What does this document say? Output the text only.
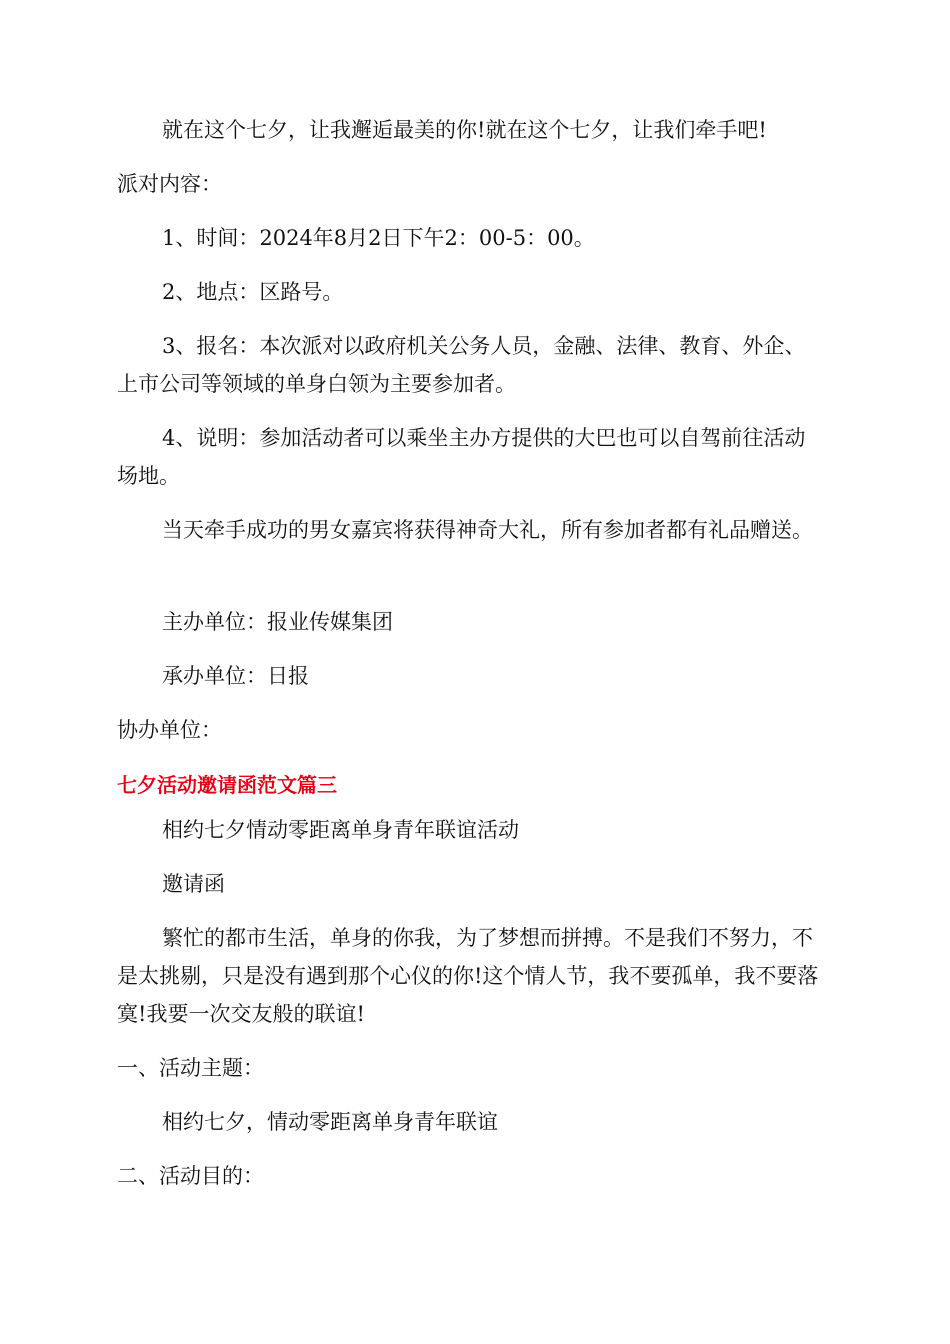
就在这个七夕，让我邂逅最美的你!就在这个七夕，让我们牵手吧!

派对内容：

1、时间：2024年8月2日下午2：00-5：00。

2、地点：区路号。

3、报名：本次派对以政府机关公务人员，金融、法律、教育、外企、上市公司等领域的单身白领为主要参加者。

4、说明：参加活动者可以乘坐主办方提供的大巴也可以自驾前往活动场地。

当天牵手成功的男女嘉宾将获得神奇大礼，所有参加者都有礼品赠送。

主办单位：报业传媒集团

承办单位：日报

协办单位：

七夕活动邀请函范文篇三

相约七夕情动零距离单身青年联谊活动

邀请函

繁忙的都市生活，单身的你我，为了梦想而拼搏。不是我们不努力，不是太挑剔，只是没有遇到那个心仪的你!这个情人节，我不要孤单，我不要落寞!我要一次交友般的联谊!

一、活动主题：

相约七夕，情动零距离单身青年联谊

二、活动目的：
